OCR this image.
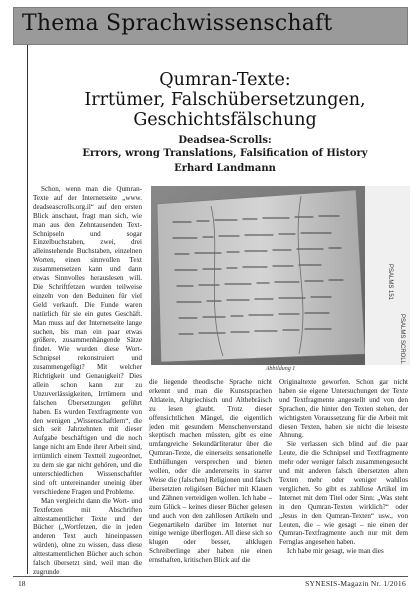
Thema Sprachwissenschaft
Qumran-Texte:
Irrtümer, Falschübersetzungen,
Geschichtsfälschung
Deadsea-Scrolls:
Errors, wrong Translations, Falsification of History
Erhard Landmann

Schon, wenn man die Qumran-Texte auf der Internetseite „www. deadseascrolls.org.il“ auf den ersten Blick anschaut, fragt man sich, wie man aus den Zehntausenden Text-Schnipseln und sogar Einzelbuchstaben, zwei, drei alleinstehende Buchstaben, einzelnen Worten, einen sinnvollen Text zusammensetzen kann und dann etwas Sinnvolles herauslesen will. Die Schriftfetzen wurden teilweise einzeln von den Beduinen für viel Geld verkauft. Die Funde waren natürlich für sie ein gutes Geschäft. Man muss auf der Internetseite lange suchen, bis man ein paar etwas größere, zusammenhängende Sätze findet. Wie wurden diese Wort-Schnipsel rekonstruiert und zusammengefügt? Mit welcher Richtigkeit und Genauigkeit? Dies allein schon kann zur zu Unzuverlässigkeiten, Irrtümern und falschen Übersetzungen geführt haben. Es wurden Textfragmente von den wenigen „Wissenschaftlern“, die sich seit Jahrzehnten mit dieser Aufgabe beschäftigen und die noch lange nicht am Ende ihrer Arbeit sind, irrtümlich einem Textteil zugeordnet, zu dem sie gar nicht gehören, und die unterschiedlichen Wissenschaftler sind oft untereinander uneinig über verschiedene Fragen und Probleme.

Man vergleicht dann die Wort- und Textfetzen mit Abschriften alttestamentlicher Texte und der Bücher („Wortfetzen, die in jeden anderen Text auch hineinpassen würden), ohne zu wissen, dass diese alttestamentlichen Bücher auch schon falsch übersetzt sind, weil man die zugrunde

PSALMS 151
PSALMS SCROLL
Abbildung 1

die liegende theodische Sprache nicht erkennt und man die Kunstsprachen Altlatein, Altgriechisch und Althebräisch zu lesen glaubt. Trotz dieser offensichtlichen Mängel, die eigentlich jeden mit gesundem Menschenverstand skeptisch machen müssten, gibt es eine umfangreiche Sekundärliteratur über die Qumran-Texte, die einerseits sensationelle Enthüllungen versprechen und bieten wollen, oder die andererseits in starrer Weise die (falschen) Religionen und falsch übersetzten religiösen Bücher mit Klauen und Zähnen verteidigen wollen. Ich habe – zum Glück – keines dieser Bücher gelesen und auch von den zahllosen Artikeln und Gegenartikeln darüber im Internet nur einige wenige überflogen. All diese sich so klugen oder besser, altklugen Schreiberlinge aber haben nie einen ernsthaften, kritischen Blick auf die

Originaltexte geworfen. Schon gar nicht haben sie eigene Untersuchungen der Texte und Textfragmente angestellt und von den Sprachen, die hinter den Texten stehen, der wichtigsten Voraussetzung für die Arbeit mit diesen Texten, haben sie nicht die leiseste Ahnung.

Sie verlassen sich blind auf die paar Leute, die die Schnipsel und Textfragmente mehr oder weniger falsch zusammengesucht und mit anderen falsch übersetzten alten Texten mehr oder weniger wahllos verglichen. So gibt es zahllose Artikel im Internet mit dem Titel oder Sinn: „Was steht in den Qumran-Texten wirklich?“ oder „Jesus in den Qumran-Texten“ usw., von Leuten, die – wie gesagt – nie einen der Qumran-Textfragmente auch nur mit dem Fernglas angesehen haben.

Ich habe mir gesagt, wie man dies

18	SYNESIS-Magazin Nr. 1/2016
